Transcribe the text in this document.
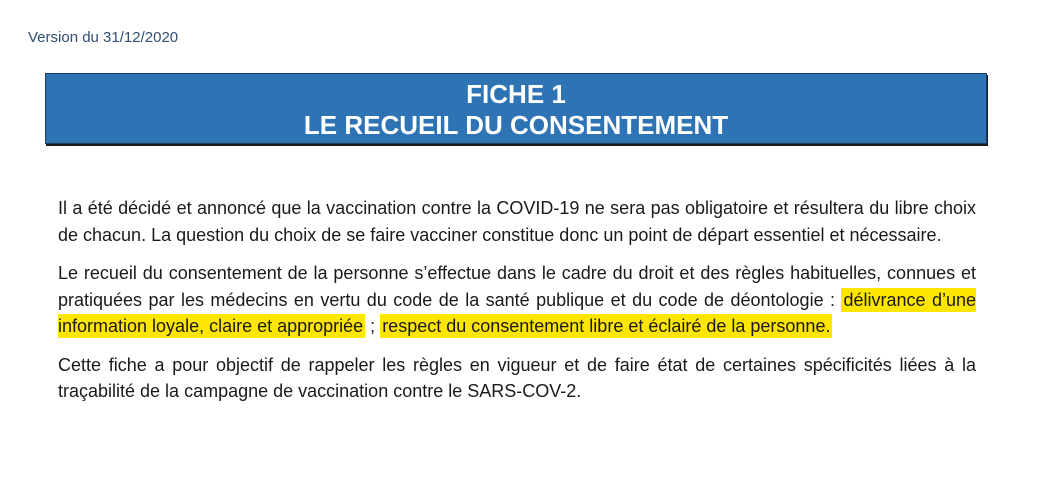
Version du 31/12/2020
FICHE 1
LE RECUEIL DU CONSENTEMENT

Il a été décidé et annoncé que la vaccination contre la COVID-19 ne sera pas obligatoire et résultera du libre choix de chacun. La question du choix de se faire vacciner constitue donc un point de départ essentiel et nécessaire.

Le recueil du consentement de la personne s’effectue dans le cadre du droit et des règles habituelles, connues et pratiquées par les médecins en vertu du code de la santé publique et du code de déontologie : délivrance d’une information loyale, claire et appropriée ; respect du consentement libre et éclairé de la personne.

Cette fiche a pour objectif de rappeler les règles en vigueur et de faire état de certaines spécificités liées à la traçabilité de la campagne de vaccination contre le SARS-COV-2.
